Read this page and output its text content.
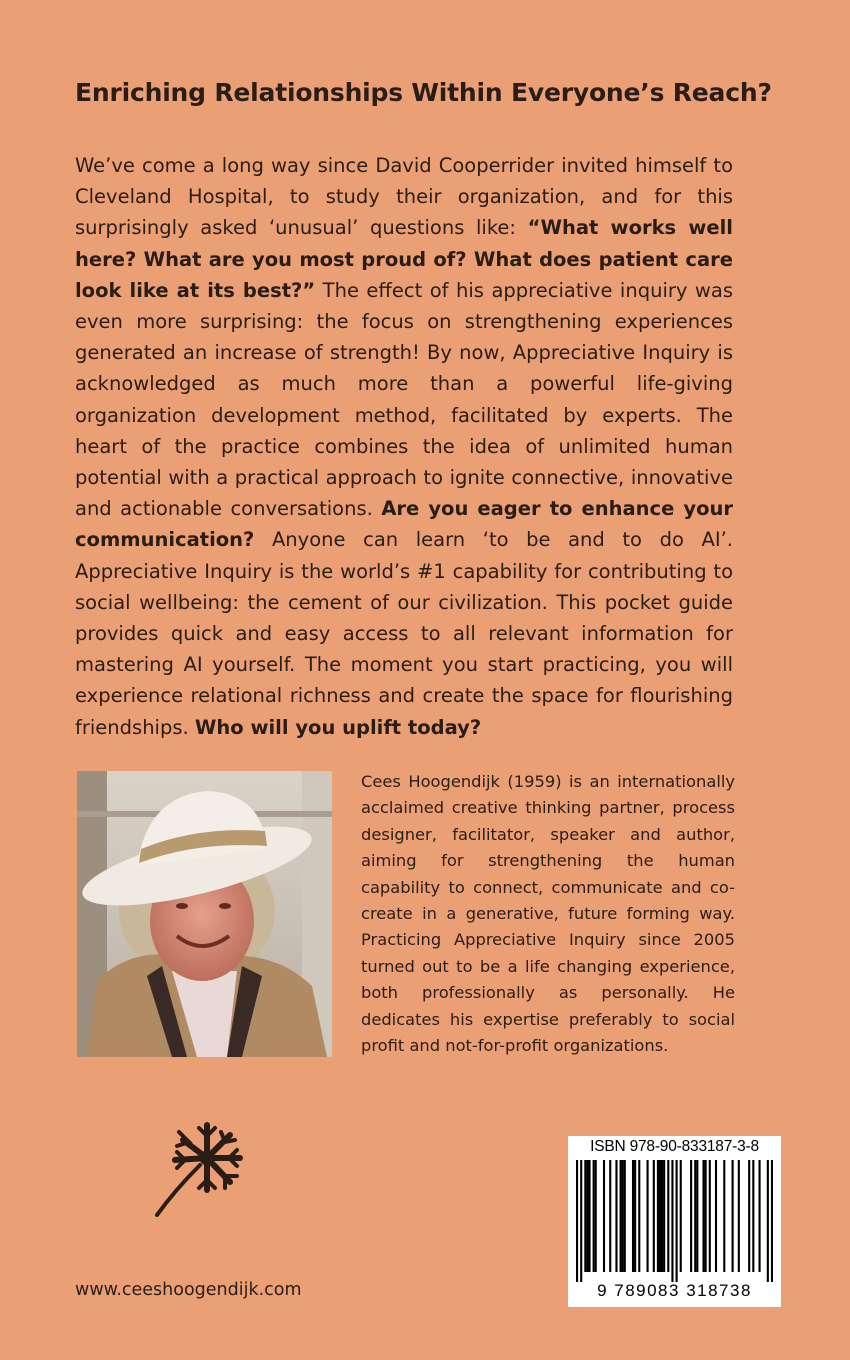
Enriching Relationships Within Everyone’s Reach?

We’ve come a long way since David Cooperrider invited himself to Cleveland Hospital, to study their organization, and for this surprisingly asked ‘unusual’ questions like: “What works well here? What are you most proud of? What does patient care look like at its best?” The effect of his appreciative inquiry was even more surprising: the focus on strengthening experiences generated an increase of strength! By now, Appreciative Inquiry is acknowledged as much more than a powerful life-giving organization development method, facilitated by experts. The heart of the practice combines the idea of unlimited human potential with a practical approach to ignite connective, innovative and actionable conversations. Are you eager to enhance your communication? Anyone can learn ‘to be and to do AI’. Appreciative Inquiry is the world’s #1 capability for contributing to social wellbeing: the cement of our civilization. This pocket guide provides quick and easy access to all relevant information for mastering AI yourself. The moment you start practicing, you will experience relational richness and create the space for flourishing friendships. Who will you uplift today?

Cees Hoogendijk (1959) is an internationally acclaimed creative thinking partner, process designer, facilitator, speaker and author, aiming for strengthening the human capability to connect, communicate and co-create in a generative, future forming way. Practicing Appreciative Inquiry since 2005 turned out to be a life changing experience, both professionally as personally. He dedicates his expertise preferably to social profit and not-for-profit organizations.

www.ceeshoogendijk.com

ISBN 978-90-833187-3-8
9 789083 318738
